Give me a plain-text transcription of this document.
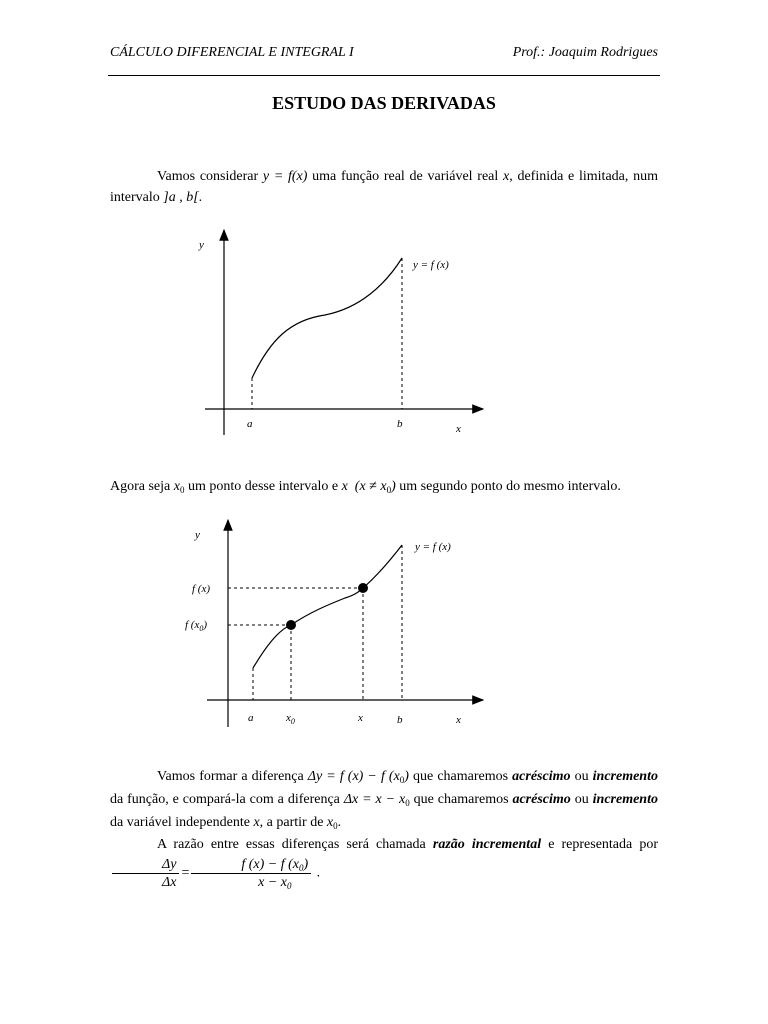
CÁLCULO DIFERENCIAL E INTEGRAL I	Prof.: Joaquim Rodrigues
ESTUDO DAS DERIVADAS
Vamos considerar y = f(x) uma função real de variável real x, definida e limitada, num intervalo ]a , b[.
y
x
y = f (x)
a	b
Agora seja $x_0$ um ponto desse intervalo e x $(x \ne x_0)$ um segundo ponto do mesmo intervalo.
y
x
y = f (x)
f (x)
f $(x_0)$
a	$x_0$	x	b
Vamos formar a diferença Δy = f (x) − f $(x_0)$ que chamaremos acréscimo ou incremento da função, e compará-la com a diferença $\Delta x = x - x_0$ que chamaremos acréscimo ou incremento da variável independente x, a partir de $x_0$.
A razão entre essas diferenças será chamada razão incremental e representada por
$\frac{\Delta y}{\Delta x} = \frac{f (x) - f (x_0)}{x - x_0}$ .
